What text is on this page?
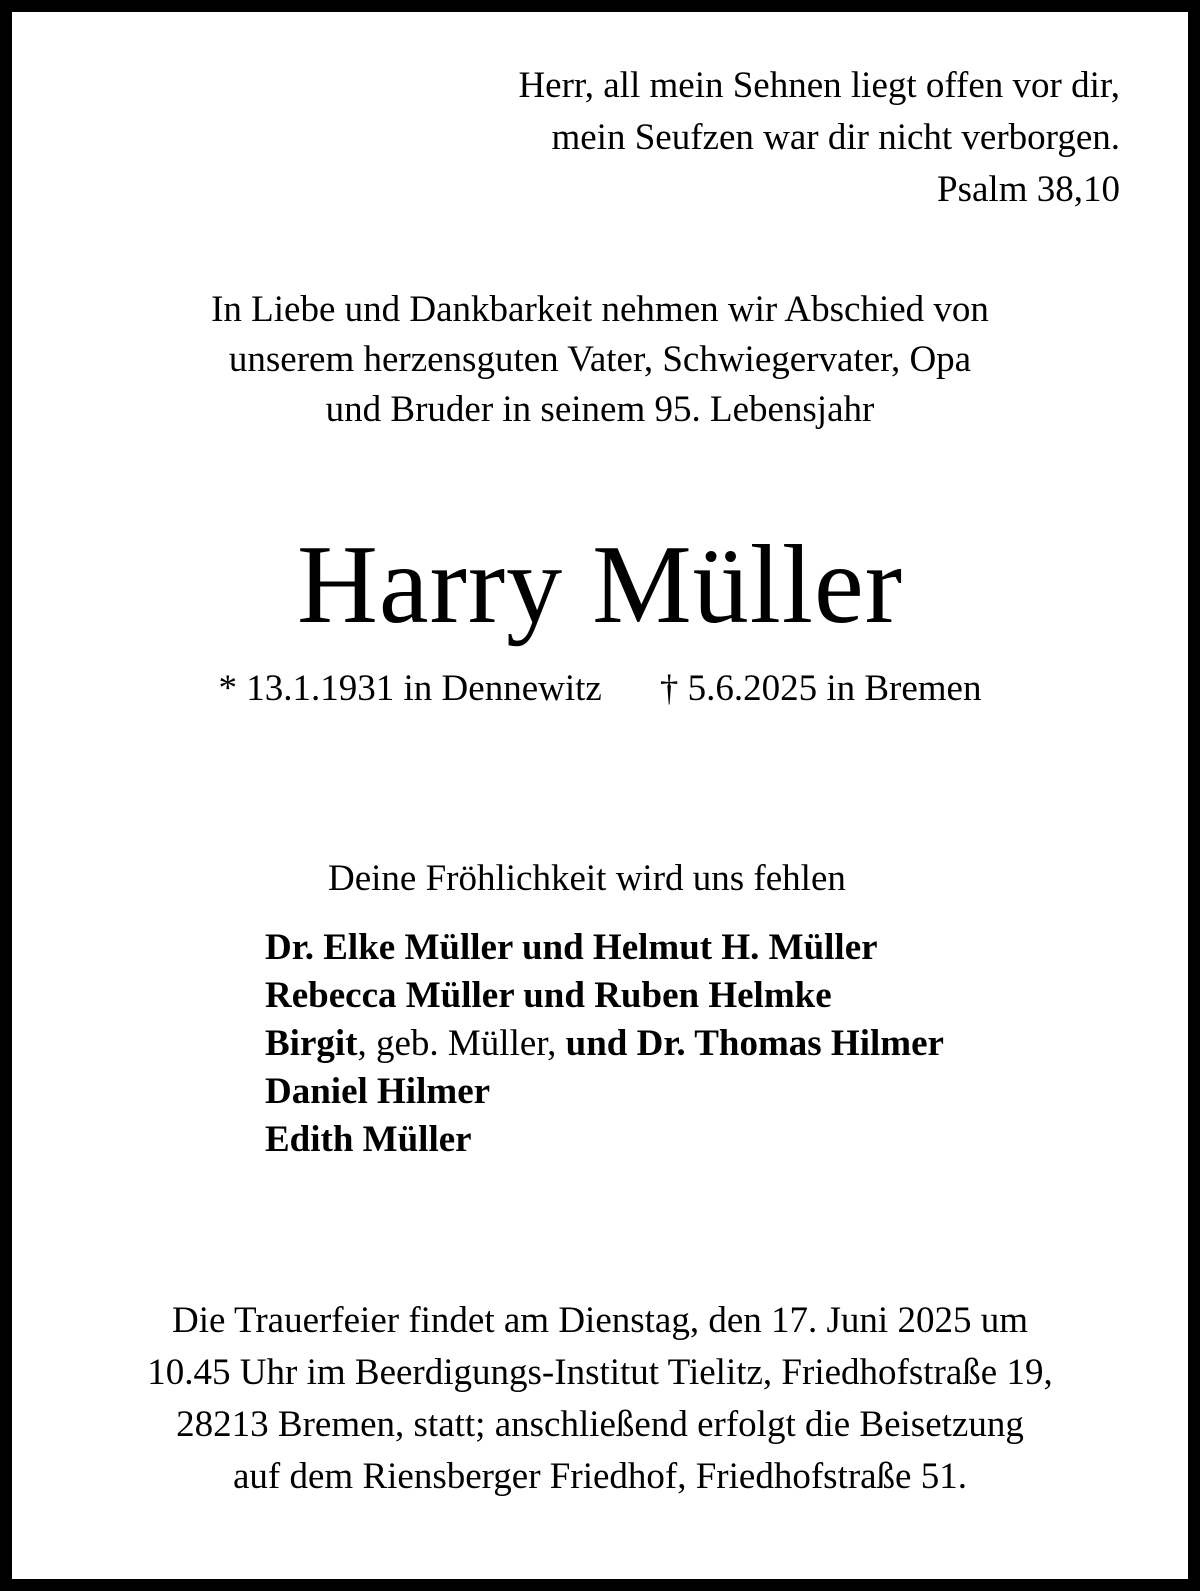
Herr, all mein Sehnen liegt offen vor dir,
mein Seufzen war dir nicht verborgen.
Psalm 38,10
In Liebe und Dankbarkeit nehmen wir Abschied von
unserem herzensguten Vater, Schwiegervater, Opa
und Bruder in seinem 95. Lebensjahr
Harry Müller
* 13.1.1931 in Dennewitz † 5.6.2025 in Bremen
Deine Fröhlichkeit wird uns fehlen
Dr. Elke Müller und Helmut H. Müller
Rebecca Müller und Ruben Helmke
Birgit, geb. Müller, und Dr. Thomas Hilmer
Daniel Hilmer
Edith Müller
Die Trauerfeier findet am Dienstag, den 17. Juni 2025 um
10.45 Uhr im Beerdigungs-Institut Tielitz, Friedhofstraße 19,
28213 Bremen, statt; anschließend erfolgt die Beisetzung
auf dem Riensberger Friedhof, Friedhofstraße 51.
